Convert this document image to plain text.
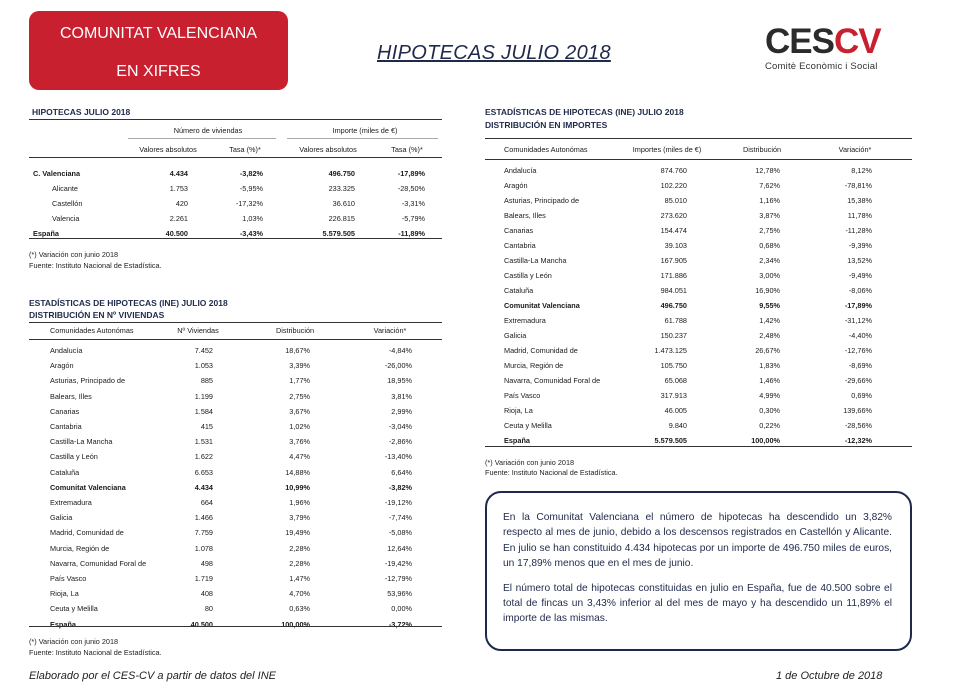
COMUNITAT VALENCIANA
EN XIFRES
HIPOTECAS JULIO 2018	CESCV
Comitè Econòmic i Social
HIPOTECAS JULIO 2018
Número de viviendas	Importe (miles de €)
Valores absolutos	Tasa (%)*	Valores absolutos	Tasa (%)*
C. Valenciana	4.434	-3,82%	496.750	-17,89%
Alicante	1.753	-5,95%	233.325	-28,50%
Castellón	420	-17,32%	36.610	-3,31%
Valencia	2.261	1,03%	226.815	-5,79%
España	40.500	-3,43%	5.579.505	-11,89%
(*) Variación con junio 2018
Fuente: Instituto Nacional de Estadística.
ESTADÍSTICAS DE HIPOTECAS (INE) JULIO 2018
DISTRIBUCIÓN EN Nº VIVIENDAS
Comunidades Autonómas	Nº Viviendas	Distribución	Variación*
Andalucía	7.452	18,67%	-4,84%
Aragón	1.053	3,39%	-26,00%
Asturias, Principado de	885	1,77%	18,95%
Balears, Illes	1.199	2,75%	3,81%
Canarias	1.584	3,67%	2,99%
Cantabria	415	1,02%	-3,04%
Castilla-La Mancha	1.531	3,76%	-2,86%
Castilla y León	1.622	4,47%	-13,40%
Cataluña	6.653	14,88%	6,64%
Comunitat Valenciana	4.434	10,99%	-3,82%
Extremadura	664	1,96%	-19,12%
Galicia	1.466	3,79%	-7,74%
Madrid, Comunidad de	7.759	19,49%	-5,08%
Murcia, Región de	1.078	2,28%	12,64%
Navarra, Comunidad Foral de	498	2,28%	-19,42%
País Vasco	1.719	1,47%	-12,79%
Rioja, La	408	4,70%	53,96%
Ceuta y Melilla	80	0,63%	0,00%
España	40.500	100,00%	-3,72%
(*) Variación con junio 2018
Fuente: Instituto Nacional de Estadística.
ESTADÍSTICAS DE HIPOTECAS (INE) JULIO 2018
DISTRIBUCIÓN EN IMPORTES
Comunidades Autonómas	Importes (miles de €)	Distribución	Variación*
Andalucía	874.760	12,78%	8,12%
Aragón	102.220	7,62%	-78,81%
Asturias, Principado de	85.010	1,16%	15,38%
Balears, Illes	273.620	3,87%	11,78%
Canarias	154.474	2,75%	-11,28%
Cantabria	39.103	0,68%	-9,39%
Castilla-La Mancha	167.905	2,34%	13,52%
Castilla y León	171.886	3,00%	-9,49%
Cataluña	984.051	16,90%	-8,06%
Comunitat Valenciana	496.750	9,55%	-17,89%
Extremadura	61.788	1,42%	-31,12%
Galicia	150.237	2,48%	-4,40%
Madrid, Comunidad de	1.473.125	26,67%	-12,76%
Murcia, Región de	105.750	1,83%	-8,69%
Navarra, Comunidad Foral de	65.068	1,46%	-29,66%
País Vasco	317.913	4,99%	0,69%
Rioja, La	46.005	0,30%	139,66%
Ceuta y Melilla	9.840	0,22%	-28,56%
España	5.579.505	100,00%	-12,32%
(*) Variación con junio 2018
Fuente: Instituto Nacional de Estadística.

En la Comunitat Valenciana el número de hipotecas ha descendido un 3,82% respecto al mes de junio, debido a los descensos registrados en Castellón y Alicante. En julio se han constituido 4.434 hipotecas por un importe de 496.750 miles de euros, un 17,89% menos que en el mes de junio.

El número total de hipotecas constituidas en julio en España, fue de 40.500 sobre el total de fincas un 3,43% inferior al del mes de mayo y ha descendido un 11,89% el importe de las mismas.

Elaborado por el CES-CV a partir de datos del INE	1 de Octubre de 2018
